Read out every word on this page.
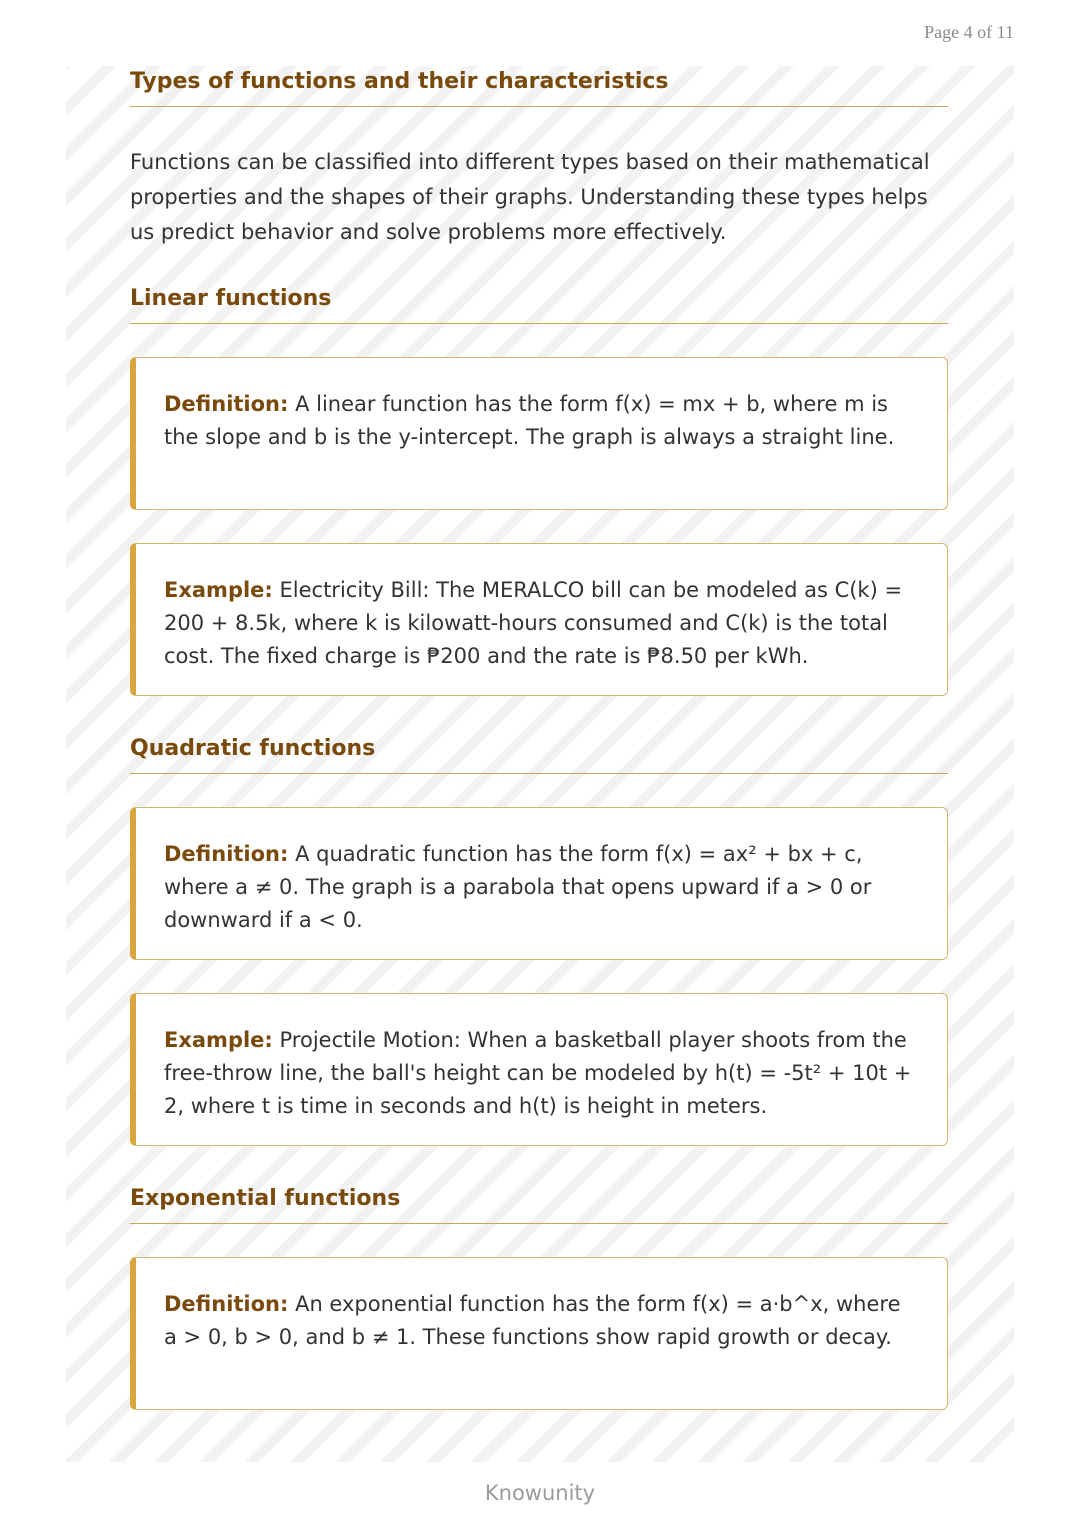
Page 4 of 11
Types of functions and their characteristics

Functions can be classified into different types based on their mathematical properties and the shapes of their graphs. Understanding these types helps us predict behavior and solve problems more effectively.

Linear functions
Definition: A linear function has the form f(x) = mx + b, where m is the slope and b is the y-intercept. The graph is always a straight line.
Example: Electricity Bill: The MERALCO bill can be modeled as C(k) = 200 + 8.5k, where k is kilowatt-hours consumed and C(k) is the total cost. The fixed charge is ₱200 and the rate is ₱8.50 per kWh.
Quadratic functions
Definition: A quadratic function has the form f(x) = ax² + bx + c, where a ≠ 0. The graph is a parabola that opens upward if a > 0 or downward if a < 0.
Example: Projectile Motion: When a basketball player shoots from the free-throw line, the ball's height can be modeled by h(t) = -5t² + 10t + 2, where t is time in seconds and h(t) is height in meters.
Exponential functions
Definition: An exponential function has the form f(x) = a·b^x, where a > 0, b > 0, and b ≠ 1. These functions show rapid growth or decay.
Knowunity
